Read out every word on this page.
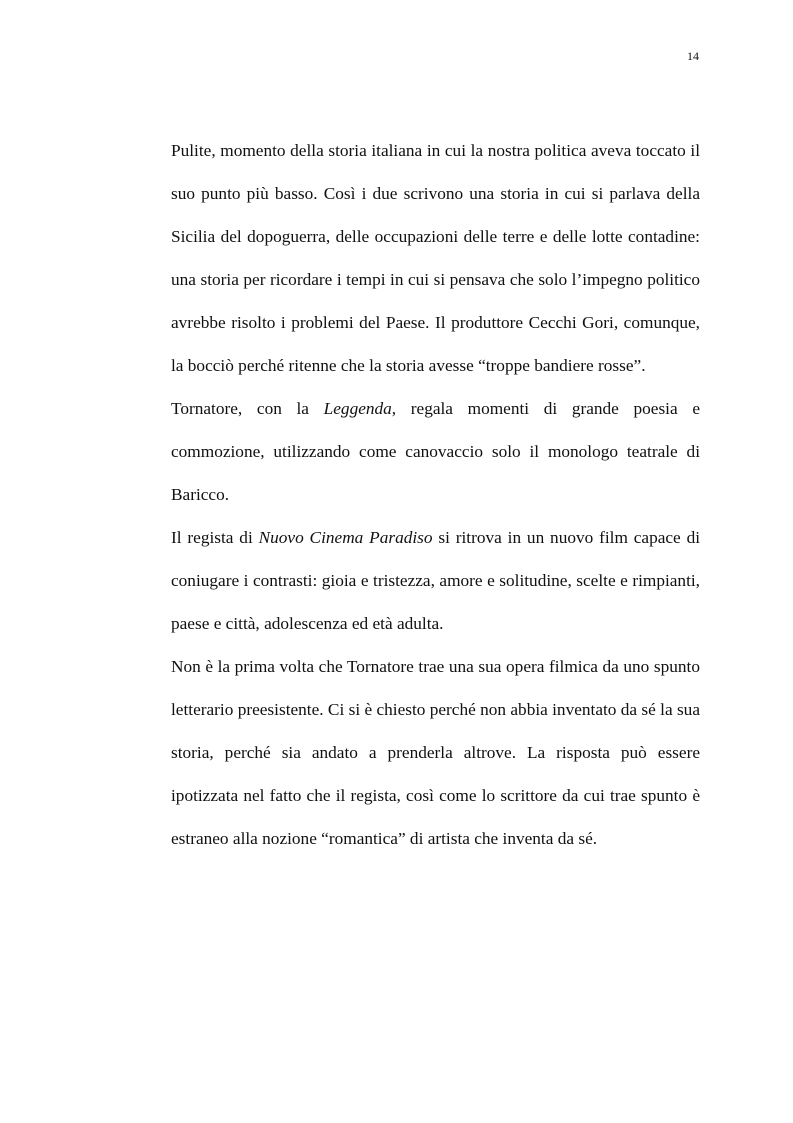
14

Pulite, momento della storia italiana in cui la nostra politica aveva toccato il suo punto più basso. Così i due scrivono una storia in cui si parlava della Sicilia del dopoguerra, delle occupazioni delle terre e delle lotte contadine: una storia per ricordare i tempi in cui si pensava che solo l’impegno politico avrebbe risolto i problemi del Paese. Il produttore Cecchi Gori, comunque, la bocciò perché ritenne che la storia avesse “troppe bandiere rosse”.

Tornatore, con la Leggenda, regala momenti di grande poesia e commozione, utilizzando come canovaccio solo il monologo teatrale di Baricco.

Il regista di Nuovo Cinema Paradiso si ritrova in un nuovo film capace di coniugare i contrasti: gioia e tristezza, amore e solitudine, scelte e rimpianti, paese e città, adolescenza ed età adulta.

Non è la prima volta che Tornatore trae una sua opera filmica da uno spunto letterario preesistente. Ci si è chiesto perché non abbia inventato da sé la sua storia, perché sia andato a prenderla altrove. La risposta può essere ipotizzata nel fatto che il regista, così come lo scrittore da cui trae spunto è estraneo alla nozione “romantica” di artista che inventa da sé.
